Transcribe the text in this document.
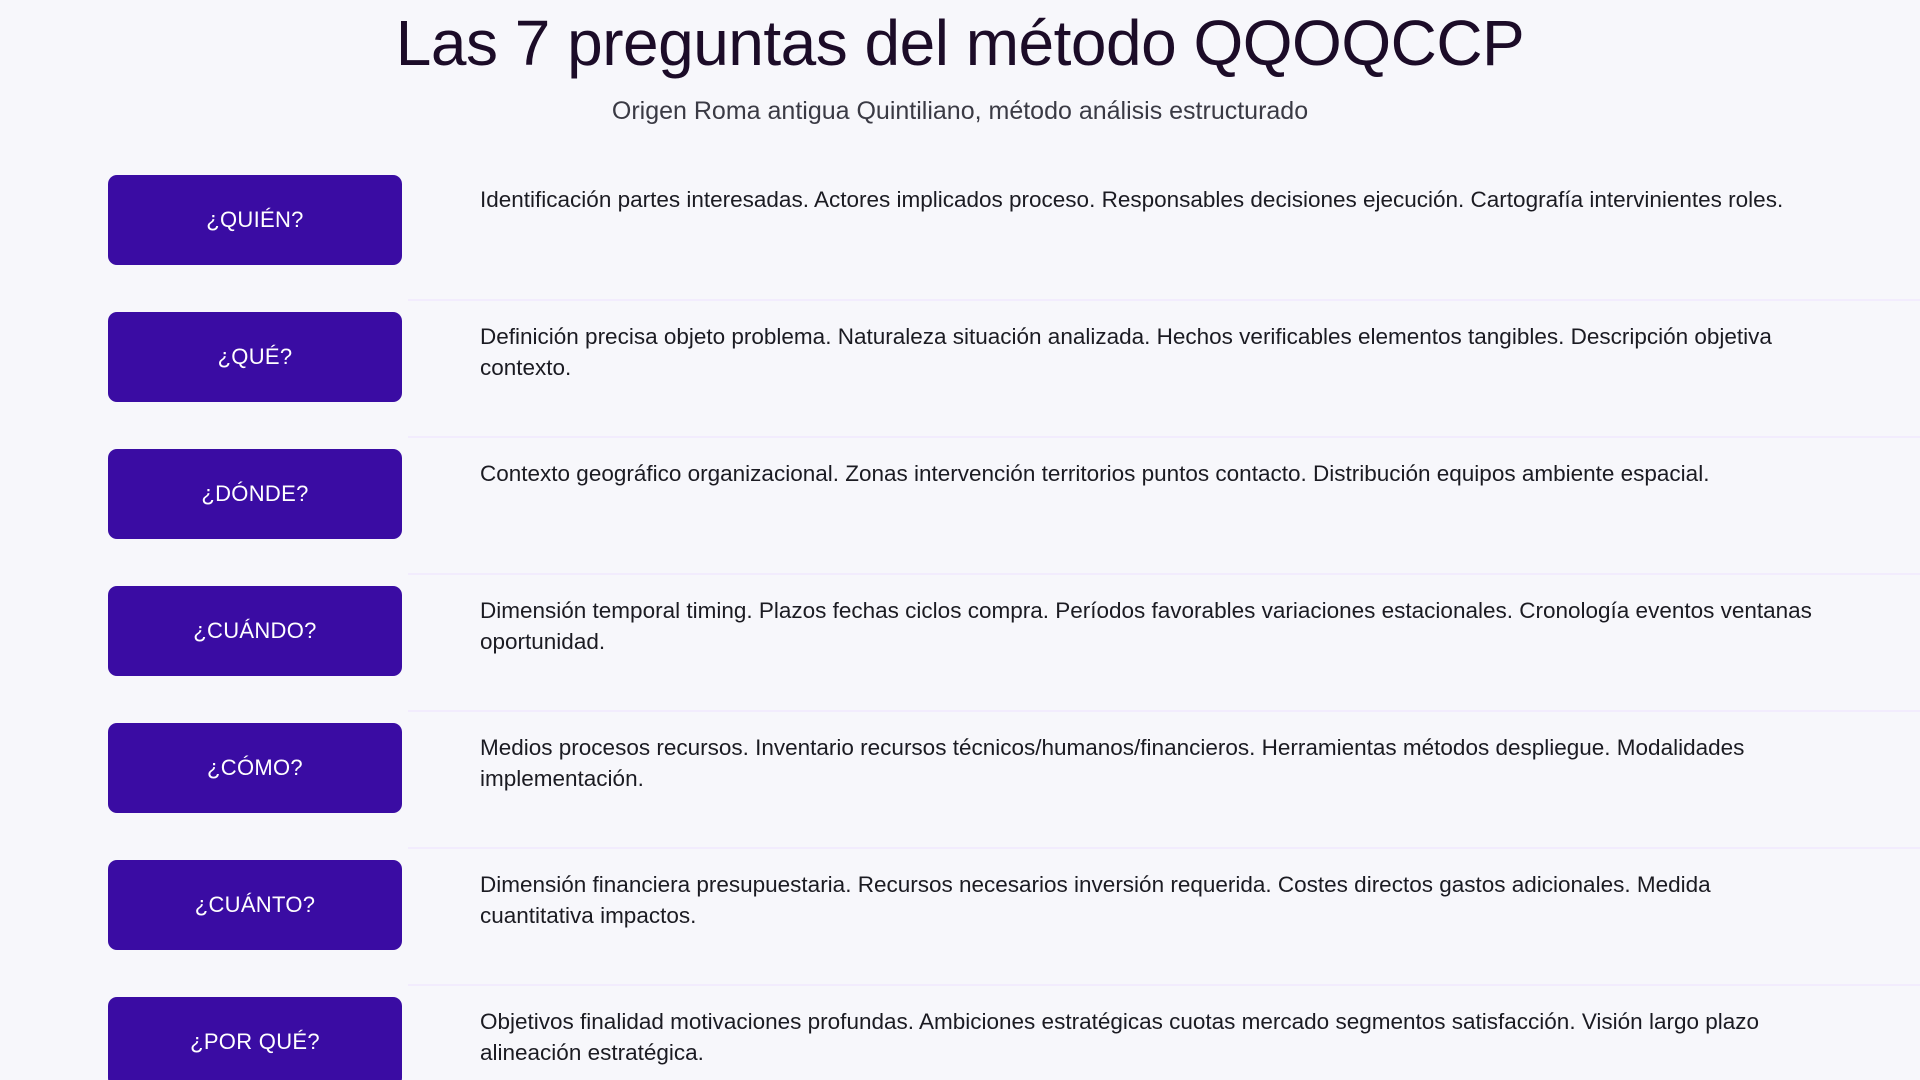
Las 7 preguntas del método QQOQCCP

Origen Roma antigua Quintiliano, método análisis estructurado

¿QUIÉN?
Identificación partes interesadas. Actores implicados proceso. Responsables decisiones ejecución. Cartografía intervinientes roles.
¿QUÉ?
Definición precisa objeto problema. Naturaleza situación analizada. Hechos verificables elementos tangibles. Descripción objetiva contexto.
¿DÓNDE?
Contexto geográfico organizacional. Zonas intervención territorios puntos contacto. Distribución equipos ambiente espacial.
¿CUÁNDO?
Dimensión temporal timing. Plazos fechas ciclos compra. Períodos favorables variaciones estacionales. Cronología eventos ventanas oportunidad.
¿CÓMO?
Medios procesos recursos. Inventario recursos técnicos/humanos/financieros. Herramientas métodos despliegue. Modalidades implementación.
¿CUÁNTO?
Dimensión financiera presupuestaria. Recursos necesarios inversión requerida. Costes directos gastos adicionales. Medida cuantitativa impactos.
¿POR QUÉ?
Objetivos finalidad motivaciones profundas. Ambiciones estratégicas cuotas mercado segmentos satisfacción. Visión largo plazo alineación estratégica.
